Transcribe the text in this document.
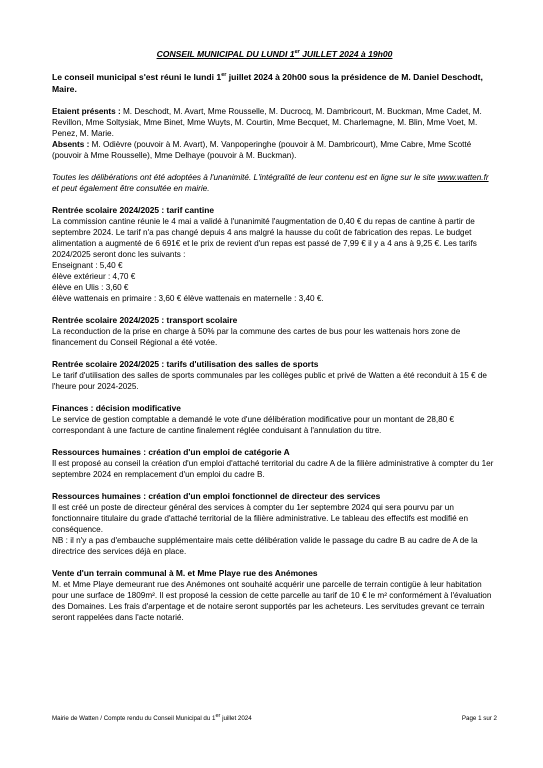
CONSEIL MUNICIPAL DU LUNDI 1er JUILLET 2024 à 19h00
Le conseil municipal s'est réuni le lundi 1er juillet 2024 à 20h00 sous la présidence de M. Daniel Deschodt, Maire.

Etaient présents : M. Deschodt, M. Avart, Mme Rousselle, M. Ducrocq, M. Dambricourt, M. Buckman, Mme Cadet, M. Revillon, Mme Soltysiak, Mme Binet, Mme Wuyts, M. Courtin, Mme Becquet, M. Charlemagne, M. Blin, Mme Voet, M. Penez, M. Marie.

Absents : M. Odièvre (pouvoir à M. Avart), M. Vanpoperinghe (pouvoir à M. Dambricourt), Mme Cabre, Mme Scotté (pouvoir à Mme Rousselle), Mme Delhaye (pouvoir à M. Buckman).

Toutes les délibérations ont été adoptées à l'unanimité. L'intégralité de leur contenu est en ligne sur le site www.watten.fr et peut également être consultée en mairie.
Rentrée scolaire 2024/2025 : tarif cantine

La commission cantine réunie le 4 mai a validé à l'unanimité l'augmentation de 0,40 € du repas de cantine à partir de septembre 2024. Le tarif n'a pas changé depuis 4 ans malgré la hausse du coût de fabrication des repas. Le budget alimentation a augmenté de 6 691€ et le prix de revient d'un repas est passé de 7,99 € il y a 4 ans à 9,25 €. Les tarifs 2024/2025 seront donc les suivants :

Enseignant : 5,40 €

élève extérieur : 4,70 €

élève en Ulis : 3,60 €

élève wattenais en primaire : 3,60 € élève wattenais en maternelle : 3,40 €.

Rentrée scolaire 2024/2025 : transport scolaire

La reconduction de la prise en charge à 50% par la commune des cartes de bus pour les wattenais hors zone de financement du Conseil Régional a été votée.

Rentrée scolaire 2024/2025 : tarifs d'utilisation des salles de sports

Le tarif d'utilisation des salles de sports communales par les collèges public et privé de Watten a été reconduit à 15 € de l'heure pour 2024-2025.

Finances : décision modificative

Le service de gestion comptable a demandé le vote d'une délibération modificative pour un montant de 28,80 € correspondant à une facture de cantine finalement réglée conduisant à l'annulation du titre.

Ressources humaines : création d'un emploi de catégorie A

Il est proposé au conseil la création d'un emploi d'attaché territorial du cadre A de la filière administrative à compter du 1er septembre 2024 en remplacement d'un emploi du cadre B.

Ressources humaines : création d'un emploi fonctionnel de directeur des services

Il est créé un poste de directeur général des services à compter du 1er septembre 2024 qui sera pourvu par un fonctionnaire titulaire du grade d'attaché territorial de la filière administrative. Le tableau des effectifs est modifié en conséquence.

NB : il n'y a pas d'embauche supplémentaire mais cette délibération valide le passage du cadre B au cadre de A de la directrice des services déjà en place.

Vente d'un terrain communal à M. et Mme Playe rue des Anémones

M. et Mme Playe demeurant rue des Anémones ont souhaité acquérir une parcelle de terrain contigüe à leur habitation pour une surface de 1809m². Il est proposé la cession de cette parcelle au tarif de 10 € le m² conformément à l'évaluation des Domaines. Les frais d'arpentage et de notaire seront supportés par les acheteurs. Les servitudes grevant ce terrain seront rappelées dans l'acte notarié.

Mairie de Watten / Compte rendu du Conseil Municipal du 1er juillet 2024	Page 1 sur 2
